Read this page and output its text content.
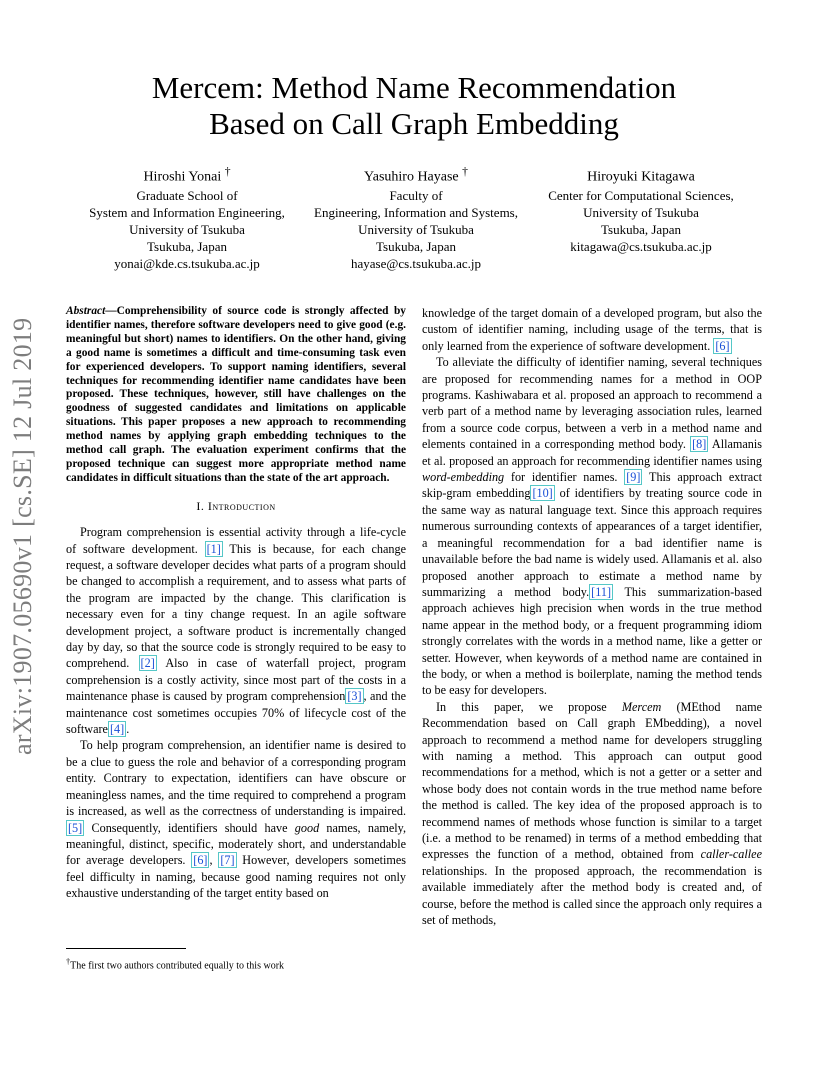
Mercem: Method Name Recommendation
Based on Call Graph Embedding
Hiroshi Yonai †
Graduate School of
System and Information Engineering,
University of Tsukuba
Tsukuba, Japan
yonai@kde.cs.tsukuba.ac.jp
Yasuhiro Hayase †
Faculty of
Engineering, Information and Systems,
University of Tsukuba
Tsukuba, Japan
hayase@cs.tsukuba.ac.jp
Hiroyuki Kitagawa
Center for Computational Sciences,
University of Tsukuba
Tsukuba, Japan
kitagawa@cs.tsukuba.ac.jp
arXiv:1907.05690v1 [cs.SE] 12 Jul 2019
Abstract—Comprehensibility of source code is strongly affected by identifier names, therefore software developers need to give good (e.g. meaningful but short) names to identifiers. On the other hand, giving a good name is sometimes a difficult and time-consuming task even for experienced developers. To support naming identifiers, several techniques for recommending identifier name candidates have been proposed. These techniques, however, still have challenges on the goodness of suggested candidates and limitations on applicable situations. This paper proposes a new approach to recommending method names by applying graph embedding techniques to the method call graph. The evaluation experiment confirms that the proposed technique can suggest more appropriate method name candidates in difficult situations than the state of the art approach.
I. Introduction

Program comprehension is essential activity through a life-cycle of software development. [1] This is because, for each change request, a software developer decides what parts of a program should be changed to accomplish a requirement, and to assess what parts of the program are impacted by the change. This clarification is necessary even for a tiny change request. In an agile software development project, a software product is incrementally changed day by day, so that the source code is strongly required to be easy to comprehend. [2] Also in case of waterfall project, program comprehension is a costly activity, since most part of the costs in a maintenance phase is caused by program comprehension [3] , and the maintenance cost sometimes occupies 70% of lifecycle cost of the software [4] .

To help program comprehension, an identifier name is desired to be a clue to guess the role and behavior of a corresponding program entity. Contrary to expectation, identifiers can have obscure or meaningless names, and the time required to comprehend a program is increased, as well as the correctness of understanding is impaired. [5] Consequently, identifiers should have good names, namely, meaningful, distinct, specific, moderately short, and understandable for average developers. [6] , [7] However, developers sometimes feel difficulty in naming, because good naming requires not only exhaustive understanding of the target entity based on

knowledge of the target domain of a developed program, but also the custom of identifier naming, including usage of the terms, that is only learned from the experience of software development. [6]

To alleviate the difficulty of identifier naming, several techniques are proposed for recommending names for a method in OOP programs. Kashiwabara et al. proposed an approach to recommend a verb part of a method name by leveraging association rules, learned from a source code corpus, between a verb in a method name and elements contained in a corresponding method body. [8] Allamanis et al. proposed an approach for recommending identifier names using word-embedding for identifier names. [9] This approach extract skip-gram embedding [10] of identifiers by treating source code in the same way as natural language text. Since this approach requires numerous surrounding contexts of appearances of a target identifier, a meaningful recommendation for a bad identifier name is unavailable before the bad name is widely used. Allamanis et al. also proposed another approach to estimate a method name by summarizing a method body. [11] This summarization-based approach achieves high precision when words in the true method name appear in the method body, or a frequent programming idiom strongly correlates with the words in a method name, like a getter or setter. However, when keywords of a method name are contained in the body, or when a method is boilerplate, naming the method tends to be easy for developers.

In this paper, we propose Mercem (MEthod name Recommendation based on Call graph EMbedding), a novel approach to recommend a method name for developers struggling with naming a method. This approach can output good recommendations for a method, which is not a getter or a setter and whose body does not contain words in the true method name before the method is called. The key idea of the proposed approach is to recommend names of methods whose function is similar to a target (i.e. a method to be renamed) in terms of a method embedding that expresses the function of a method, obtained from caller-callee relationships. In the proposed approach, the recommendation is available immediately after the method body is created and, of course, before the method is called since the approach only requires a set of methods,

†The first two authors contributed equally to this work
